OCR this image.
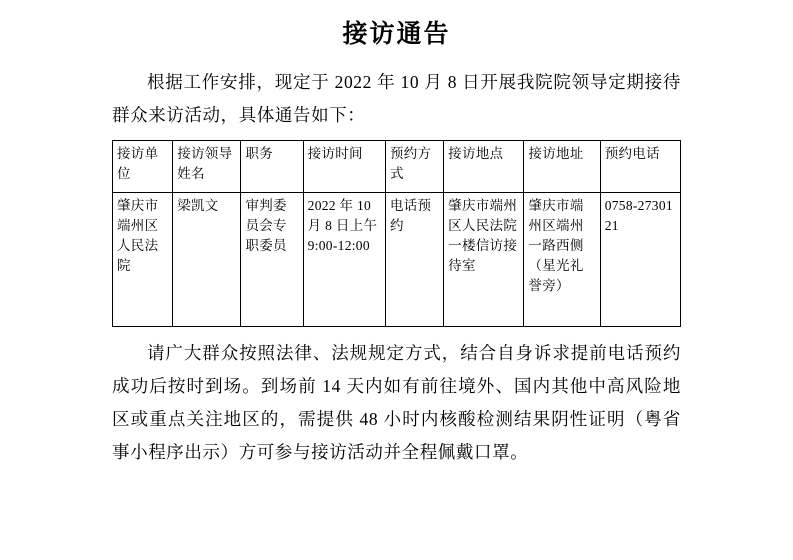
接访通告

根据工作安排，现定于 2022 年 10 月 8 日开展我院院领导定期接待群众来访活动，具体通告如下：

接访单位	接访领导姓名	职务	接访时间	预约方式	接访地点	接访地址	预约电话
肇庆市端州区人民法院	梁凯文	审判委员会专职委员	2022 年 10 月 8 日上午 9:00-12:00	电话预约	肇庆市端州区人民法院一楼信访接待室	肇庆市端州区端州一路西侧（星光礼誉旁）	0758-2730121

请广大群众按照法律、法规规定方式，结合自身诉求提前电话预约成功后按时到场。到场前 14 天内如有前往境外、国内其他中高风险地区或重点关注地区的，需提供 48 小时内核酸检测结果阴性证明（粤省事小程序出示）方可参与接访活动并全程佩戴口罩。
